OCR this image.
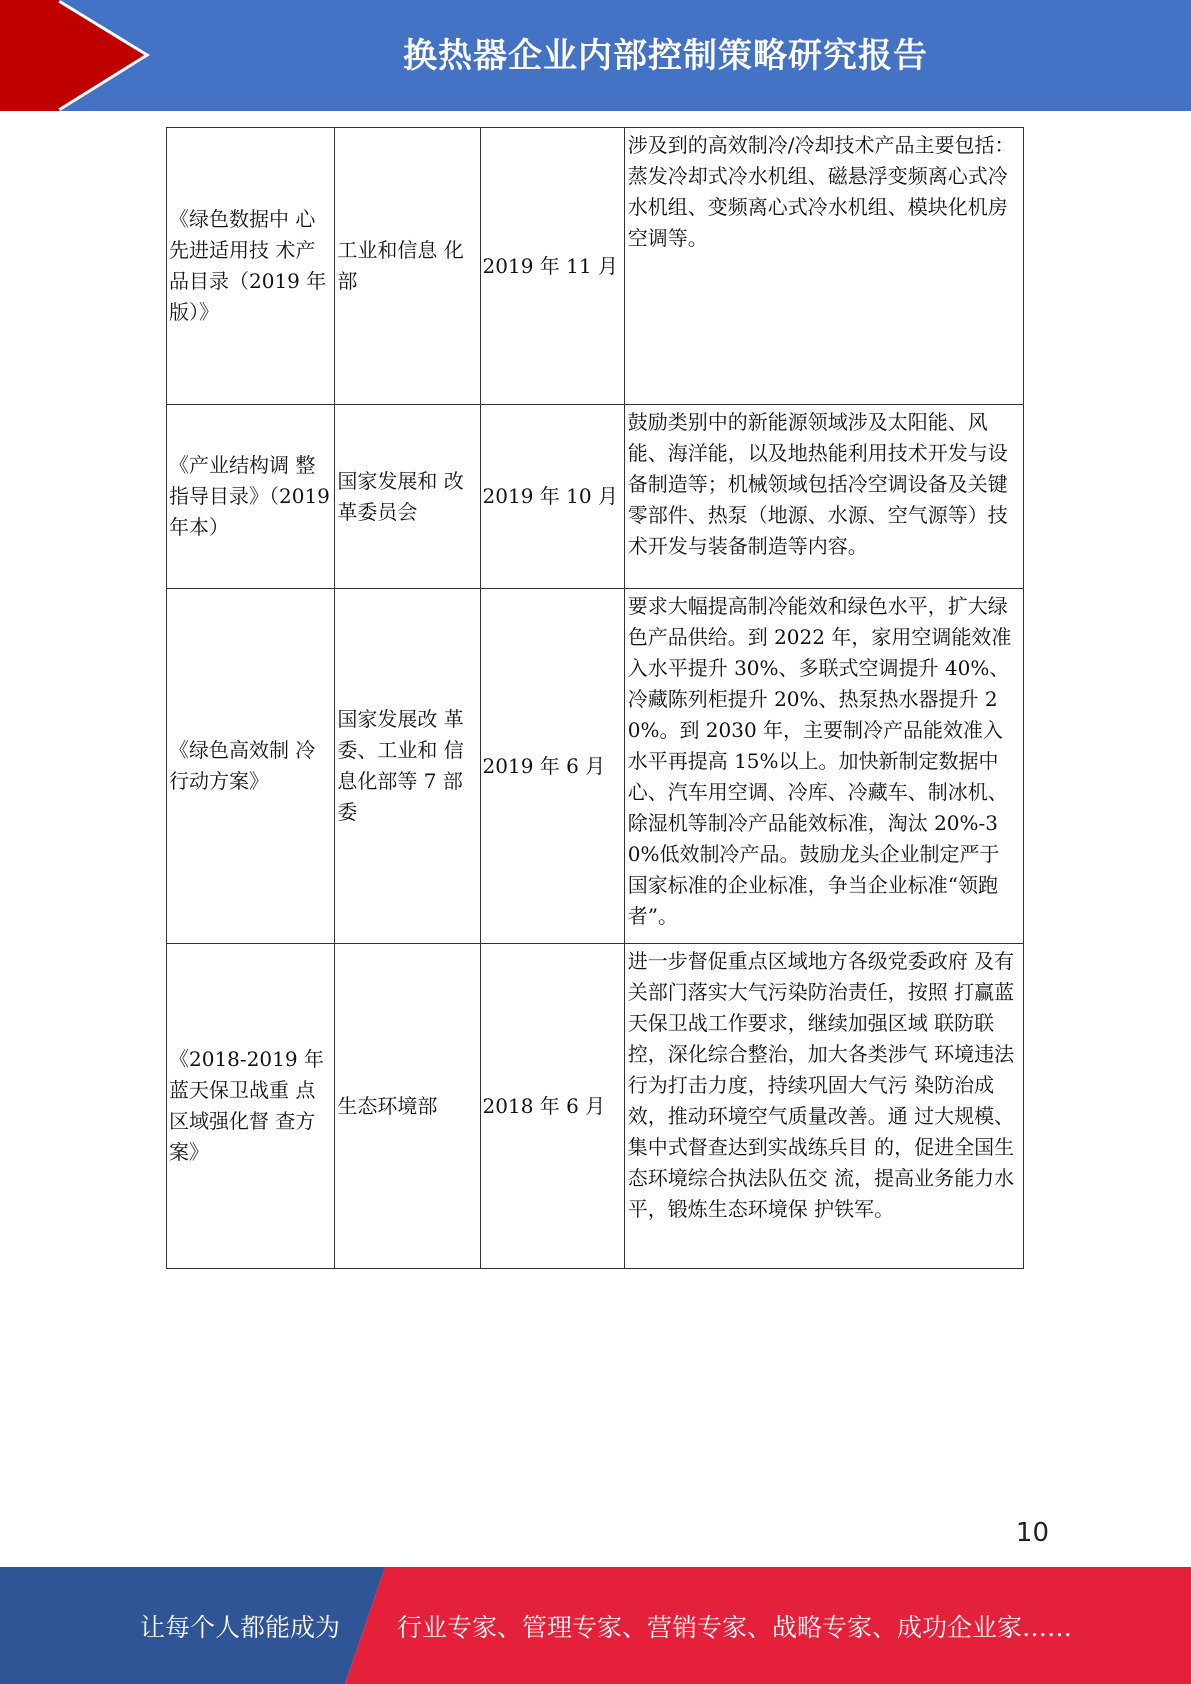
换热器企业内部控制策略研究报告
《绿色数据中 心先进适用技 术产品目录（2019 年版）》	工业和信息 化部	2019 年 11 月	涉及到的高效制冷/冷却技术产品主要包括：蒸发冷却式冷水机组、磁悬浮变频离心式冷水机组、变频离心式冷水机组、模块化机房空调等。
《产业结构调 整指导目录》（2019 年本）	国家发展和 改革委员会	2019 年 10 月	鼓励类别中的新能源领域涉及太阳能、风能、海洋能，以及地热能利用技术开发与设备制造等；机械领域包括冷空调设备及关键零部件、热泵（地源、水源、空气源等）技术开发与装备制造等内容。
《绿色高效制 冷行动方案》	国家发展改 革委、工业和 信息化部等 7 部委	2019 年 6 月	要求大幅提高制冷能效和绿色水平，扩大绿色产品供给。到 2022 年，家用空调能效准入水平提升 30%、多联式空调提升 40%、冷藏陈列柜提升 20%、热泵热水器提升 20%。到 2030 年，主要制冷产品能效准入水平再提高 15%以上。加快新制定数据中心、汽车用空调、冷库、冷藏车、制冰机、除湿机等制冷产品能效标准，淘汰 20%-30%低效制冷产品。鼓励龙头企业制定严于国家标准的企业标准，争当企业标准“领跑者”。
《2018-2019 年蓝天保卫战重 点区域强化督 查方案》	生态环境部	2018 年 6 月	进一步督促重点区域地方各级党委政府 及有关部门落实大气污染防治责任，按照 打赢蓝天保卫战工作要求，继续加强区域 联防联控，深化综合整治，加大各类涉气 环境违法行为打击力度，持续巩固大气污 染防治成效，推动环境空气质量改善。通 过大规模、集中式督查达到实战练兵目 的，促进全国生态环境综合执法队伍交 流，提高业务能力水平，锻炼生态环境保 护铁军。
10
让每个人都能成为 行业专家、管理专家、营销专家、战略专家、成功企业家……
